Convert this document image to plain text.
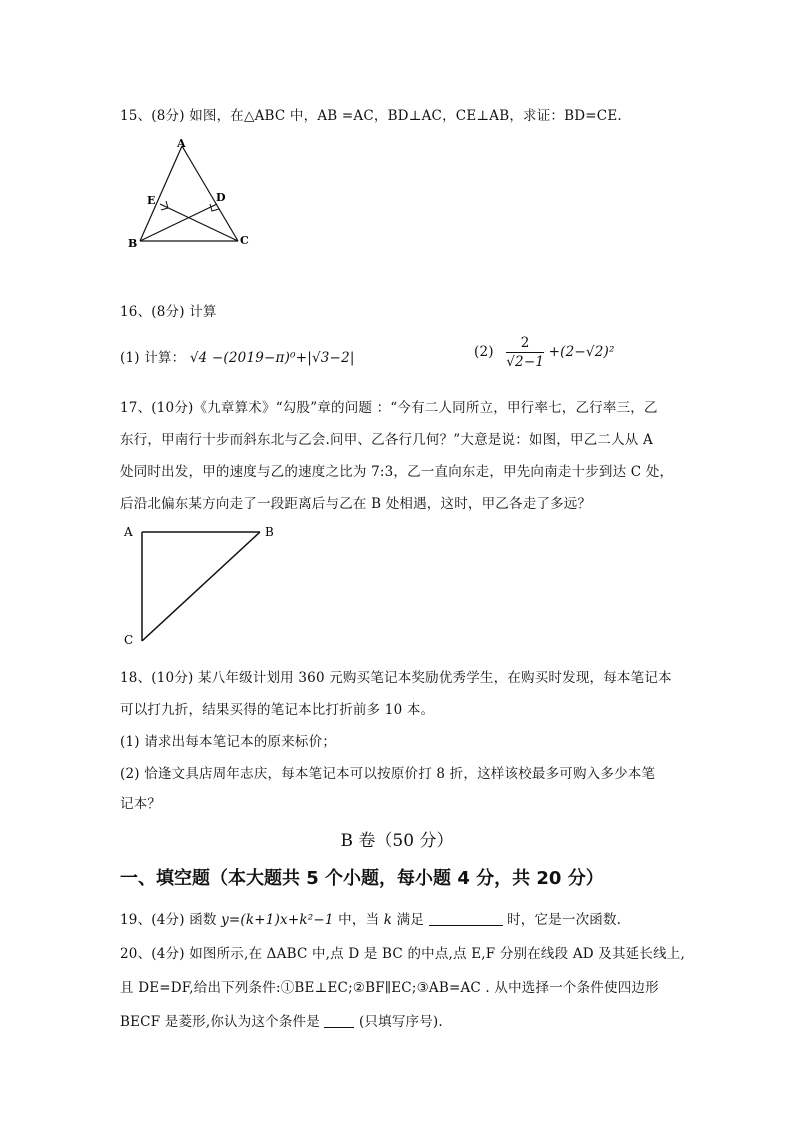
15、(8分) 如图，在△ABC 中，AB =AC，BD⊥AC，CE⊥AB，求证：BD=CE.
A
B	C
D
E
16、(8分) 计算
(1) 计算： √4 −(2019−π)⁰+|√3−2|	$(2) \frac{2}{√2-1} +(2-√2)^2$
17、(10分)《九章算术》“勾股”章的问题 ：“今有二人同所立，甲行率七，乙行率三，乙
东行，甲南行十步而斜东北与乙会.问甲、乙各行几何？”大意是说：如图，甲乙二人从 A
处同时出发，甲的速度与乙的速度之比为 7:3，乙一直向东走，甲先向南走十步到达 C 处，
后沿北偏东某方向走了一段距离后与乙在 B 处相遇，这时，甲乙各走了多远？
A	B
C
18、(10分) 某八年级计划用 360 元购买笔记本奖励优秀学生，在购买时发现，每本笔记本
可以打九折，结果买得的笔记本比打折前多 10 本。
(1) 请求出每本笔记本的原来标价；
(2) 恰逢文具店周年志庆，每本笔记本可以按原价打 8 折，这样该校最多可购入多少本笔
记本？
B 卷（50 分）
一、填空题（本大题共 5 个小题，每小题 4 分，共 20 分）
19、(4分) 函数 y=(k+1)x+k²−1 中，当 k 满足	时，它是一次函数.
20、(4分) 如图所示,在 ΔABC 中,点 D 是 BC 的中点,点 E,F 分别在线段 AD 及其延长线上,
且 DE=DF,给出下列条件:①BE⊥EC;②BF∥EC;③AB=AC . 从中选择一个条件使四边形
BECF 是菱形,你认为这个条件是	(只填写序号).
